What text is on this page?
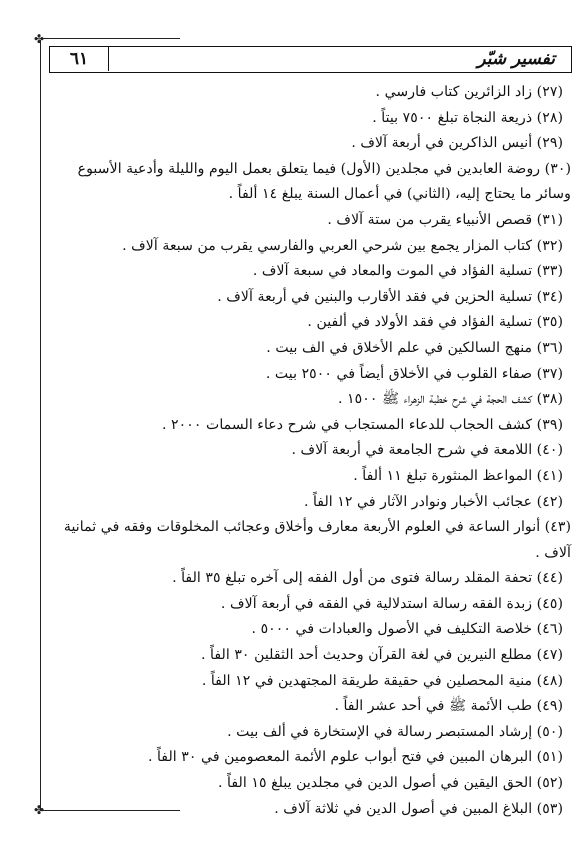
✤
✤
٦١	تفسير شبّر

(٢٧) زاد الزائرين كتاب فارسي .

(٢٨) ذريعة النجاة تبلغ ٧٥٠٠ بيتاً .

(٢٩) أنيس الذاكرين في أربعة آلاف .

(٣٠) روضة العابدين في مجلدين (الأول) فيما يتعلق بعمل اليوم والليلة وأدعية الأسبوع وسائر ما يحتاج إليه، (الثاني) في أعمال السنة يبلغ ١٤ ألفاً .

(٣١) قصص الأنبياء يقرب من ستة آلاف .

(٣٢) كتاب المزار يجمع بين شرحي العربي والفارسي يقرب من سبعة آلاف .

(٣٣) تسلية الفؤاد في الموت والمعاد في سبعة آلاف .

(٣٤) تسلية الحزين في فقد الأقارب والبنين في أربعة آلاف .

(٣٥) تسلية الفؤاد في فقد الأولاد في ألفين .

(٣٦) منهج السالكين في علم الأخلاق في الف بيت .

(٣٧) صفاء القلوب في الأخلاق أيضاً في ٢٥٠٠ بيت .

(٣٨) كشف الحجة في شرح خطبة الزهراء ﷺ ١٥٠٠ .

(٣٩) كشف الحجاب للدعاء المستجاب في شرح دعاء السمات ٢٠٠٠ .

(٤٠) اللامعة في شرح الجامعة في أربعة آلاف .

(٤١) المواعظ المنثورة تبلغ ١١ ألفاً .

(٤٢) عجائب الأخبار ونوادر الآثار في ١٢ الفاً .

(٤٣) أنوار الساعة في العلوم الأربعة معارف وأخلاق وعجائب المخلوقات وفقه في ثمانية آلاف .

(٤٤) تحفة المقلد رسالة فتوى من أول الفقه إلى آخره تبلغ ٣٥ الفاً .

(٤٥) زبدة الفقه رسالة استدلالية في الفقه في أربعة آلاف .

(٤٦) خلاصة التكليف في الأصول والعبادات في ٥٠٠٠ .

(٤٧) مطلع النيرين في لغة القرآن وحديث أحد الثقلين ٣٠ الفاً .

(٤٨) منية المحصلين في حقيقة طريقة المجتهدين في ١٢ الفاً .

(٤٩) طب الأئمة ﷺ في أحد عشر الفاً .

(٥٠) إرشاد المستبصر رسالة في الإستخارة في ألف بيت .

(٥١) البرهان المبين في فتح أبواب علوم الأئمة المعصومين في ٣٠ الفاً .

(٥٢) الحق اليقين في أصول الدين في مجلدين يبلغ ١٥ الفاً .

(٥٣) البلاغ المبين في أصول الدين في ثلاثة آلاف .
